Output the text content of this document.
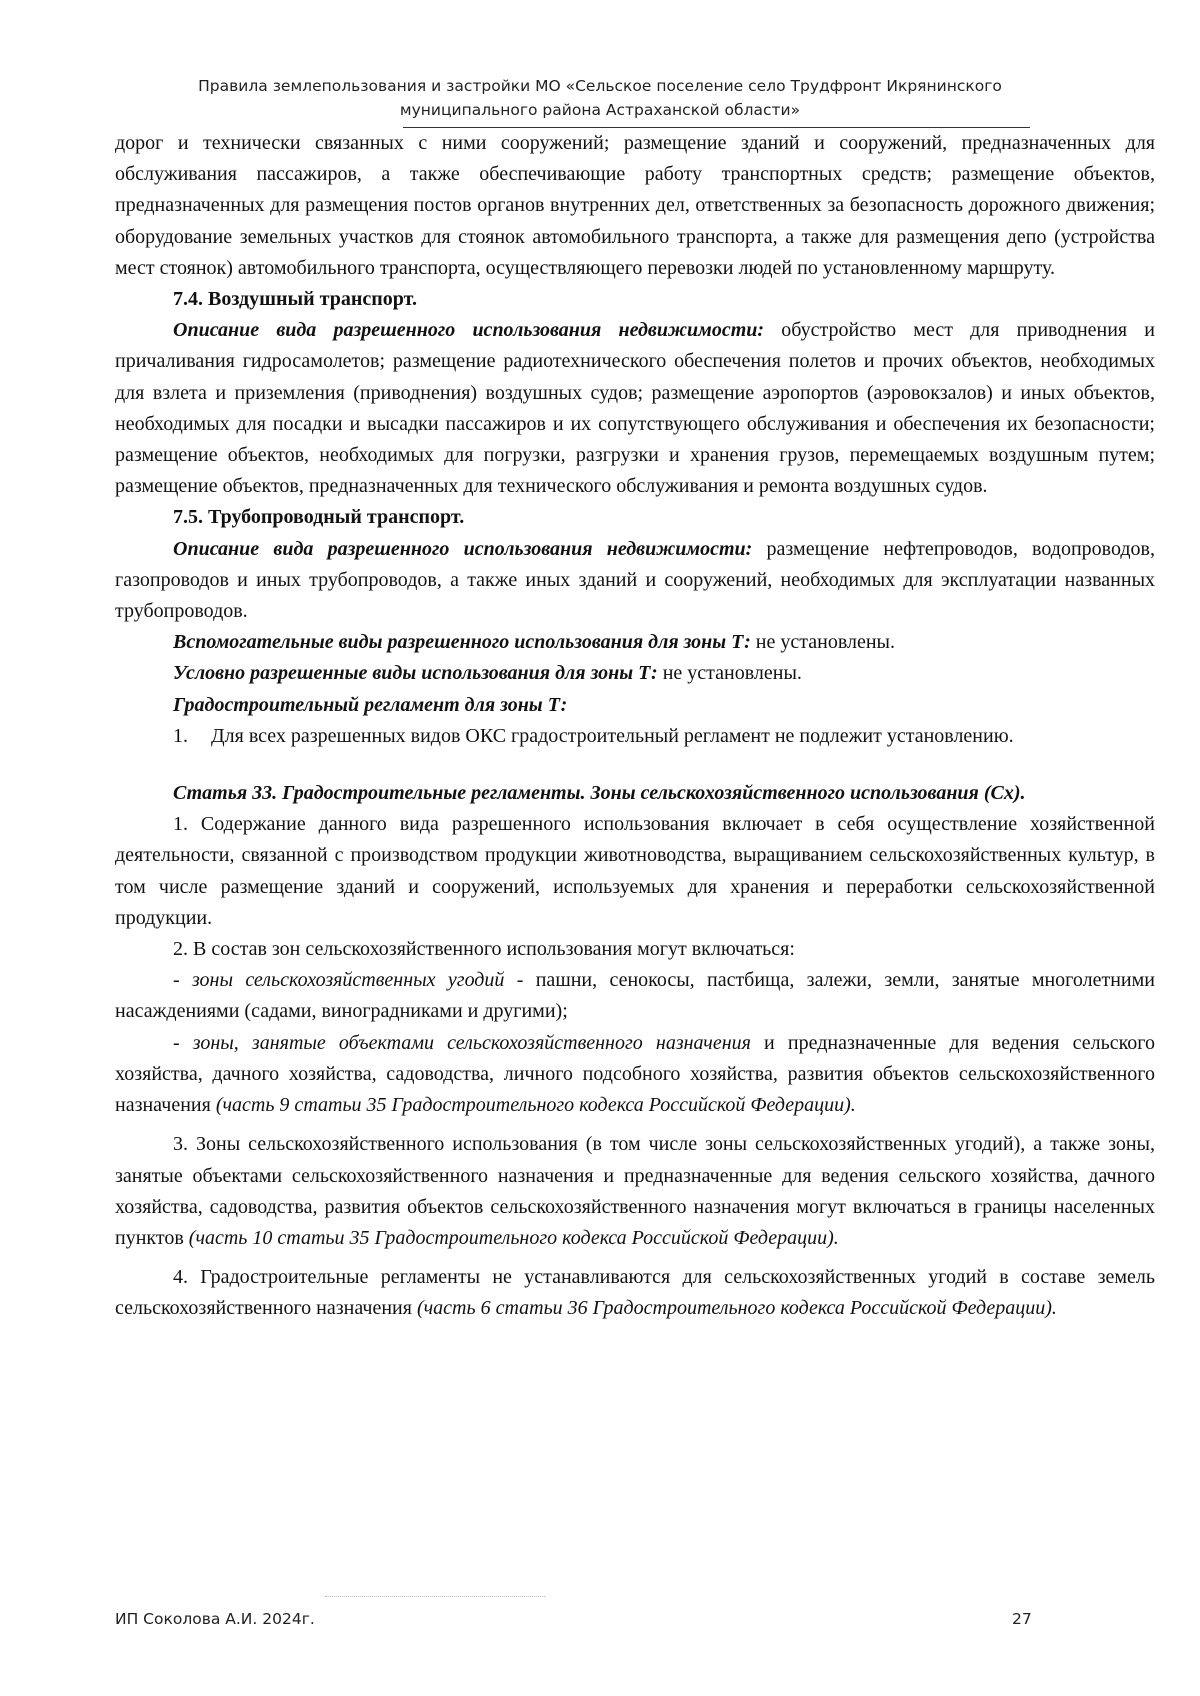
Правила землепользования и застройки МО «Сельское поселение село Трудфронт Икрянинского
муниципального района Астраханской области»

дорог и технически связанных с ними сооружений; размещение зданий и сооружений, предназначенных для обслуживания пассажиров, а также обеспечивающие работу транспортных средств; размещение объектов, предназначенных для размещения постов органов внутренних дел, ответственных за безопасность дорожного движения; оборудование земельных участков для стоянок автомобильного транспорта, а также для размещения депо (устройства мест стоянок) автомобильного транспорта, осуществляющего перевозки людей по установленному маршруту.

7.4. Воздушный транспорт.

Описание вида разрешенного использования недвижимости: обустройство мест для приводнения и причаливания гидросамолетов; размещение радиотехнического обеспечения полетов и прочих объектов, необходимых для взлета и приземления (приводнения) воздушных судов; размещение аэропортов (аэровокзалов) и иных объектов, необходимых для посадки и высадки пассажиров и их сопутствующего обслуживания и обеспечения их безопасности; размещение объектов, необходимых для погрузки, разгрузки и хранения грузов, перемещаемых воздушным путем; размещение объектов, предназначенных для технического обслуживания и ремонта воздушных судов.

7.5. Трубопроводный транспорт.

Описание вида разрешенного использования недвижимости: размещение нефтепроводов, водопроводов, газопроводов и иных трубопроводов, а также иных зданий и сооружений, необходимых для эксплуатации названных трубопроводов.

Вспомогательные виды разрешенного использования для зоны Т: не установлены.

Условно разрешенные виды использования для зоны Т: не установлены.

Градостроительный регламент для зоны Т:

1.	Для всех разрешенных видов ОКС градостроительный регламент не подлежит установлению.

Статья 33. Градостроительные регламенты. Зоны сельскохозяйственного использования (Сх).

1. Содержание данного вида разрешенного использования включает в себя осуществление хозяйственной деятельности, связанной с производством продукции животноводства, выращиванием сельскохозяйственных культур, в том числе размещение зданий и сооружений, используемых для хранения и переработки сельскохозяйственной продукции.

2. В состав зон сельскохозяйственного использования могут включаться:

- зоны сельскохозяйственных угодий - пашни, сенокосы, пастбища, залежи, земли, занятые многолетними насаждениями (садами, виноградниками и другими);

- зоны, занятые объектами сельскохозяйственного назначения и предназначенные для ведения сельского хозяйства, дачного хозяйства, садоводства, личного подсобного хозяйства, развития объектов сельскохозяйственного назначения (часть 9 статьи 35 Градостроительного кодекса Российской Федерации).

3. Зоны сельскохозяйственного использования (в том числе зоны сельскохозяйственных угодий), а также зоны, занятые объектами сельскохозяйственного назначения и предназначенные для ведения сельского хозяйства, дачного хозяйства, садоводства, развития объектов сельскохозяйственного назначения могут включаться в границы населенных пунктов (часть 10 статьи 35 Градостроительного кодекса Российской Федерации).

4. Градостроительные регламенты не устанавливаются для сельскохозяйственных угодий в составе земель сельскохозяйственного назначения (часть 6 статьи 36 Градостроительного кодекса Российской Федерации).

ИП Соколова А.И. 2024г.	27
